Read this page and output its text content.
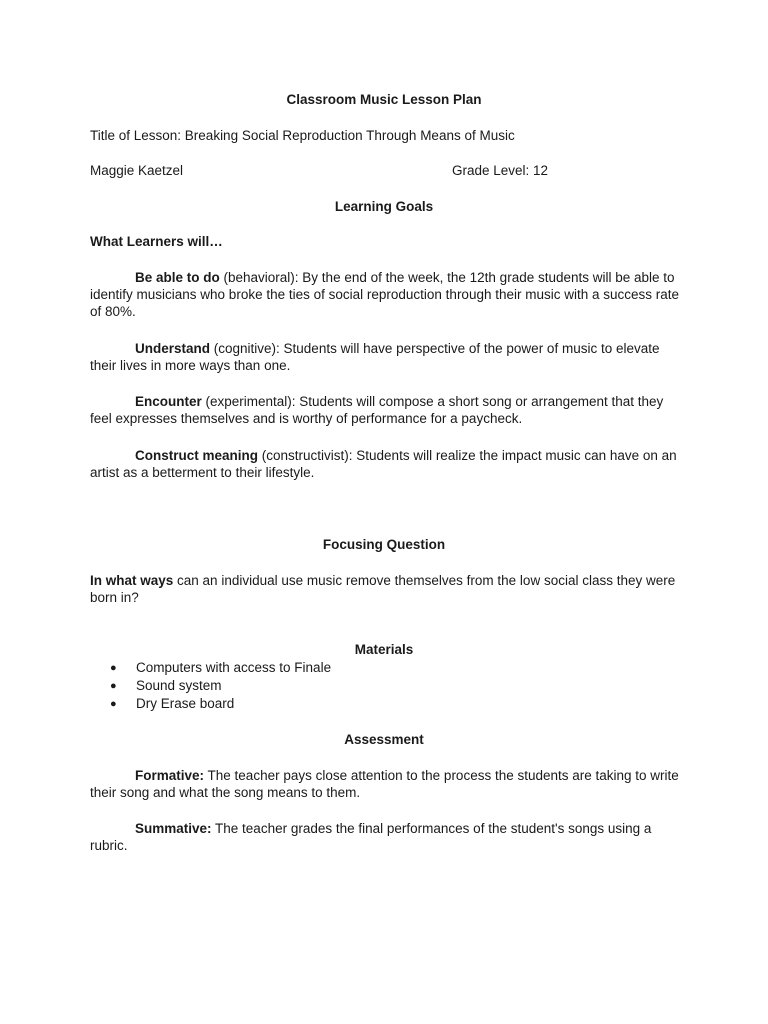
Classroom Music Lesson Plan
Title of Lesson: Breaking Social Reproduction Through Means of Music
Maggie Kaetzel	Grade Level: 12
Learning Goals
What Learners will…
Be able to do (behavioral): By the end of the week, the 12th grade students will be able to identify musicians who broke the ties of social reproduction through their music with a success rate of 80%.
Understand (cognitive): Students will have perspective of the power of music to elevate their lives in more ways than one.
Encounter (experimental): Students will compose a short song or arrangement that they feel expresses themselves and is worthy of performance for a paycheck.
Construct meaning (constructivist): Students will realize the impact music can have on an artist as a betterment to their lifestyle.
Focusing Question
In what ways can an individual use music remove themselves from the low social class they were born in?
Materials
● Computers with access to Finale
● Sound system
● Dry Erase board
Assessment
Formative: The teacher pays close attention to the process the students are taking to write their song and what the song means to them.
Summative: The teacher grades the final performances of the student's songs using a rubric.
